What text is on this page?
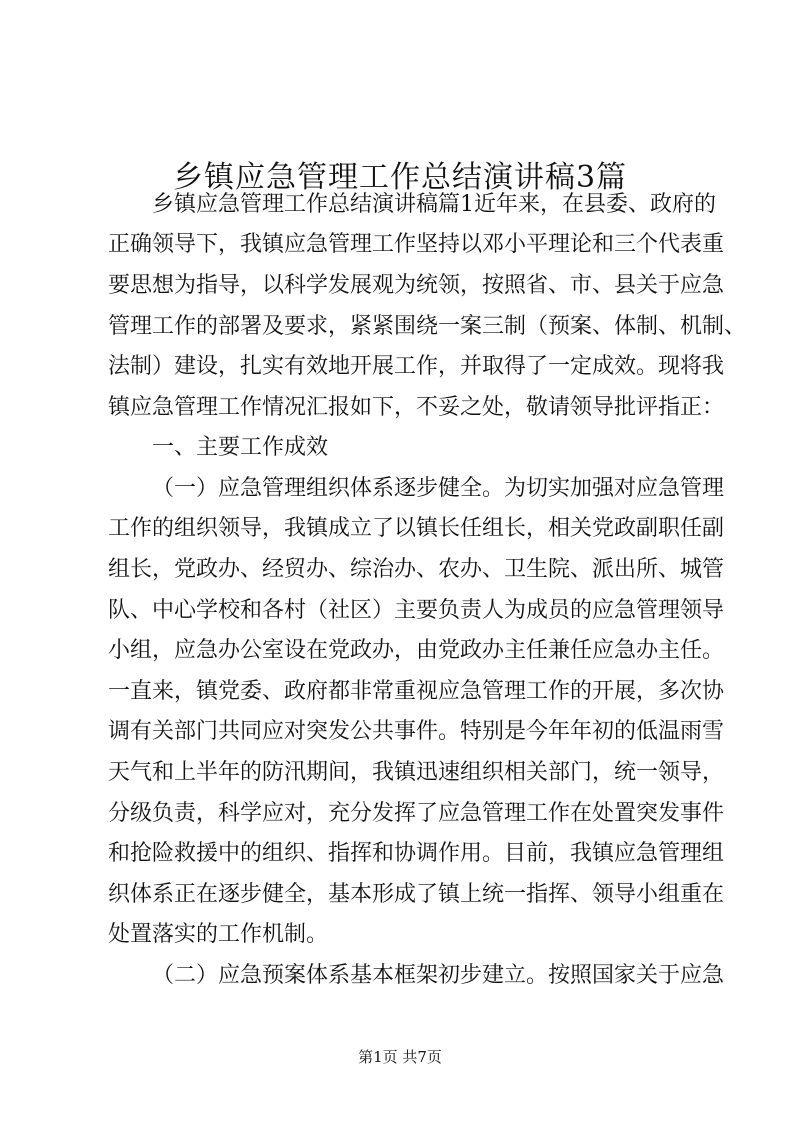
乡镇应急管理工作总结演讲稿3篇
乡镇应急管理工作总结演讲稿篇1近年来，在县委、政府的
正确领导下，我镇应急管理工作坚持以邓小平理论和三个代表重
要思想为指导，以科学发展观为统领，按照省、市、县关于应急
管理工作的部署及要求，紧紧围绕一案三制（预案、体制、机制、
法制）建设，扎实有效地开展工作，并取得了一定成效。现将我
镇应急管理工作情况汇报如下，不妥之处，敬请领导批评指正：
一、主要工作成效
（一）应急管理组织体系逐步健全。为切实加强对应急管理
工作的组织领导，我镇成立了以镇长任组长，相关党政副职任副
组长，党政办、经贸办、综治办、农办、卫生院、派出所、城管
队、中心学校和各村（社区）主要负责人为成员的应急管理领导
小组，应急办公室设在党政办，由党政办主任兼任应急办主任。
一直来，镇党委、政府都非常重视应急管理工作的开展，多次协
调有关部门共同应对突发公共事件。特别是今年年初的低温雨雪
天气和上半年的防汛期间，我镇迅速组织相关部门，统一领导，
分级负责，科学应对，充分发挥了应急管理工作在处置突发事件
和抢险救援中的组织、指挥和协调作用。目前，我镇应急管理组
织体系正在逐步健全，基本形成了镇上统一指挥、领导小组重在
处置落实的工作机制。
（二）应急预案体系基本框架初步建立。按照国家关于应急
第1页 共7页
